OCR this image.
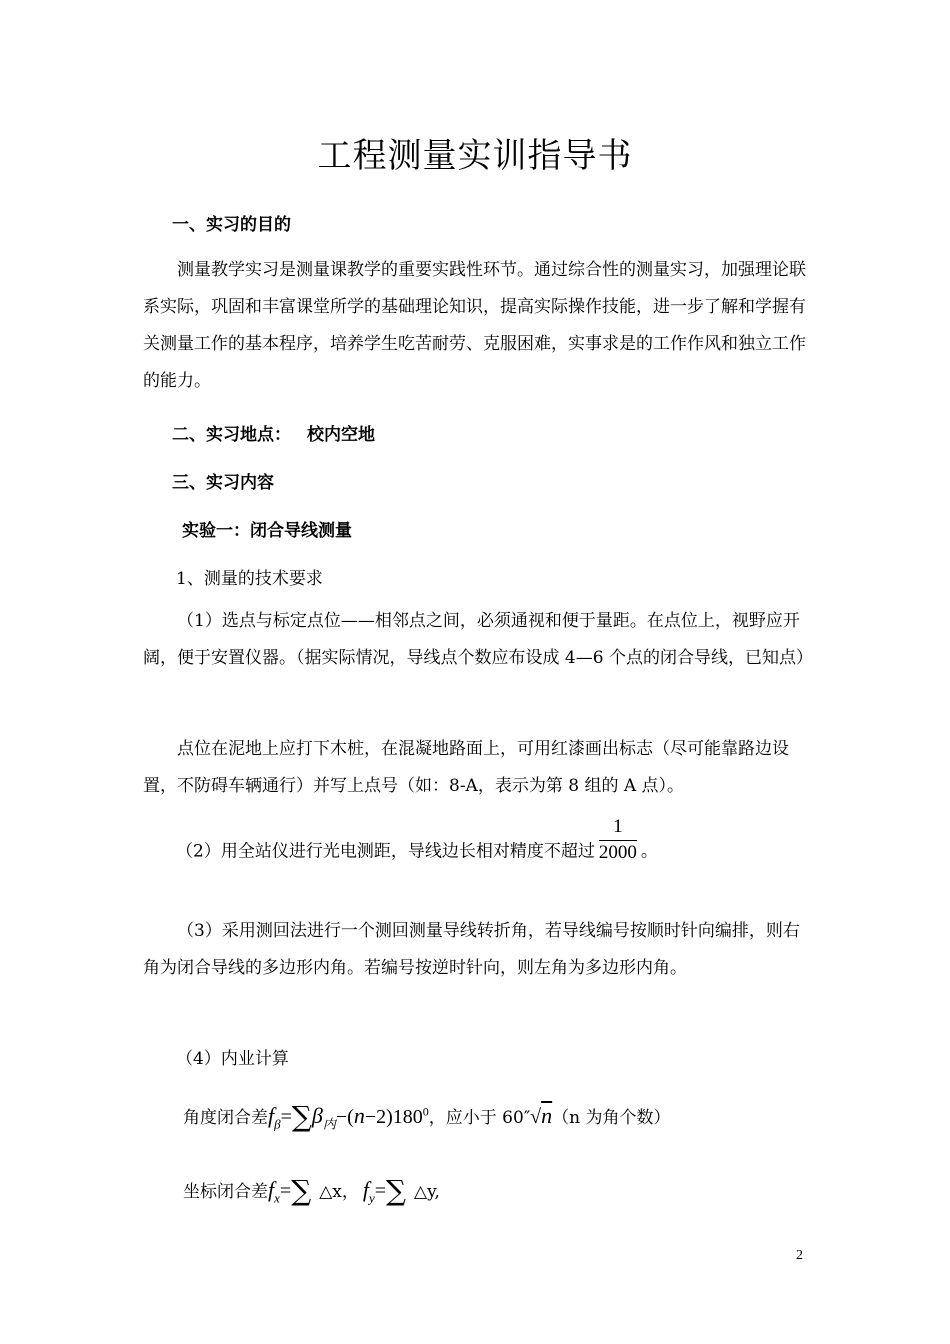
工程测量实训指导书
一、实习的目的
测量教学实习是测量课教学的重要实践性环节。通过综合性的测量实习，加强理论联系实际，巩固和丰富课堂所学的基础理论知识，提高实际操作技能，进一步了解和学握有关测量工作的基本程序，培养学生吃苦耐劳、克服困难，实事求是的工作作风和独立工作的能力。
二、实习地点： 校内空地
三、实习内容
实验一：闭合导线测量
1、测量的技术要求
（1）选点与标定点位——相邻点之间，必须通视和便于量距。在点位上，视野应开阔，便于安置仪器。（据实际情况，导线点个数应布设成 4—6 个点的闭合导线，已知点）
点位在泥地上应打下木桩，在混凝地路面上，可用红漆画出标志（尽可能靠路边设置，不防碍车辆通行）并写上点号（如：8-A，表示为第 8 组的 A 点）。
（2）用全站仪进行光电测距，导线边长相对精度不超过 $\frac{1}{2000}$ 。
（3）采用测回法进行一个测回测量导线转折角，若导线编号按顺时针向编排，则右角为闭合导线的多边形内角。若编号按逆时针向，则左角为多边形内角。
（4）内业计算
角度闭合差$f_\beta=\sum\beta_内-(n-2)180^0$，应小于 60″√n（n 为角个数）
坐标闭合差$f_x=\sum$ △x， $f_y=\sum$ △y,
2
